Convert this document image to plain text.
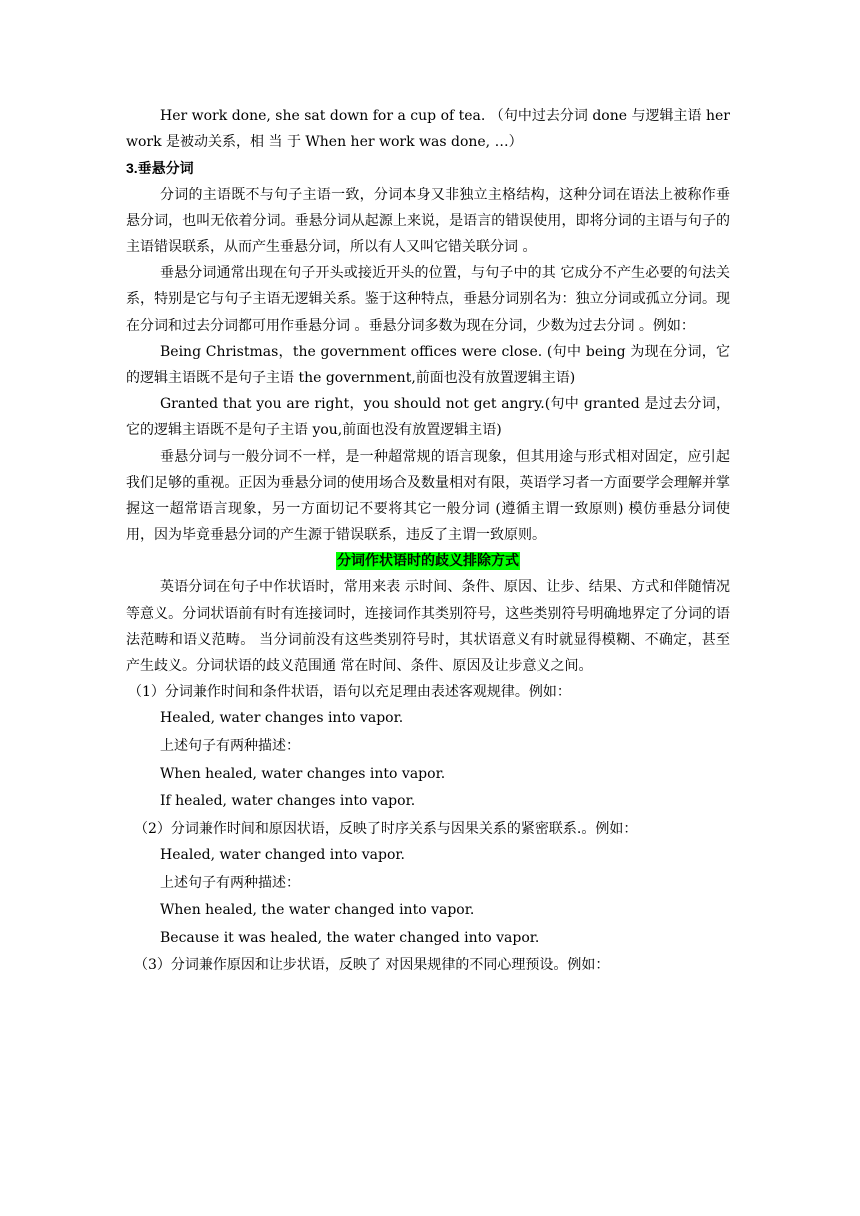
Her work done, she sat down for a cup of tea. （句中过去分词 done 与逻辑主语 her work 是被动关系，相 当 于 When her work was done, …）

3.垂悬分词

分词的主语既不与句子主语一致，分词本身又非独立主格结构，这种分词在语法上被称作垂悬分词，也叫无依着分词。垂悬分词从起源上来说，是语言的错误使用，即将分词的主语与句子的主语错误联系，从而产生垂悬分词，所以有人又叫它错关联分词 。

垂悬分词通常出现在句子开头或接近开头的位置，与句子中的其 它成分不产生必要的句法关系，特别是它与句子主语无逻辑关系。鉴于这种特点，垂悬分词别名为：独立分词或孤立分词。现在分词和过去分词都可用作垂悬分词 。垂悬分词多数为现在分词，少数为过去分词 。例如：

Being Christmas，the government offices were close. (句中 being 为现在分词，它的逻辑主语既不是句子主语 the government,前面也没有放置逻辑主语)

Granted that you are right，you should not get angry.(句中 granted 是过去分词， 它的逻辑主语既不是句子主语 you,前面也没有放置逻辑主语)

垂悬分词与一般分词不一样，是一种超常规的语言现象，但其用途与形式相对固定，应引起我们足够的重视。正因为垂悬分词的使用场合及数量相对有限，英语学习者一方面要学会理解并掌握这一超常语言现象，另一方面切记不要将其它一般分词 (遵循主谓一致原则) 模仿垂悬分词使用，因为毕竟垂悬分词的产生源于错误联系，违反了主谓一致原则。

分词作状语时的歧义排除方式

英语分词在句子中作状语时，常用来表 示时间、条件、原因、让步、结果、方式和伴随情况等意义。分词状语前有时有连接词时，连接词作其类别符号，这些类别符号明确地界定了分词的语法范畴和语义范畴。 当分词前没有这些类别符号时，其状语意义有时就显得模糊、不确定，甚至产生歧义。分词状语的歧义范围通 常在时间、条件、原因及让步意义之间。

（1）分词兼作时间和条件状语，语句以充足理由表述客观规律。例如：

Healed, water changes into vapor.

上述句子有两种描述：

When healed, water changes into vapor.

If healed, water changes into vapor.

（2）分词兼作时间和原因状语，反映了时序关系与因果关系的紧密联系.。例如：

Healed, water changed into vapor.

上述句子有两种描述：

When healed, the water changed into vapor.

Because it was healed, the water changed into vapor.

（3）分词兼作原因和让步状语，反映了 对因果规律的不同心理预设。例如：
